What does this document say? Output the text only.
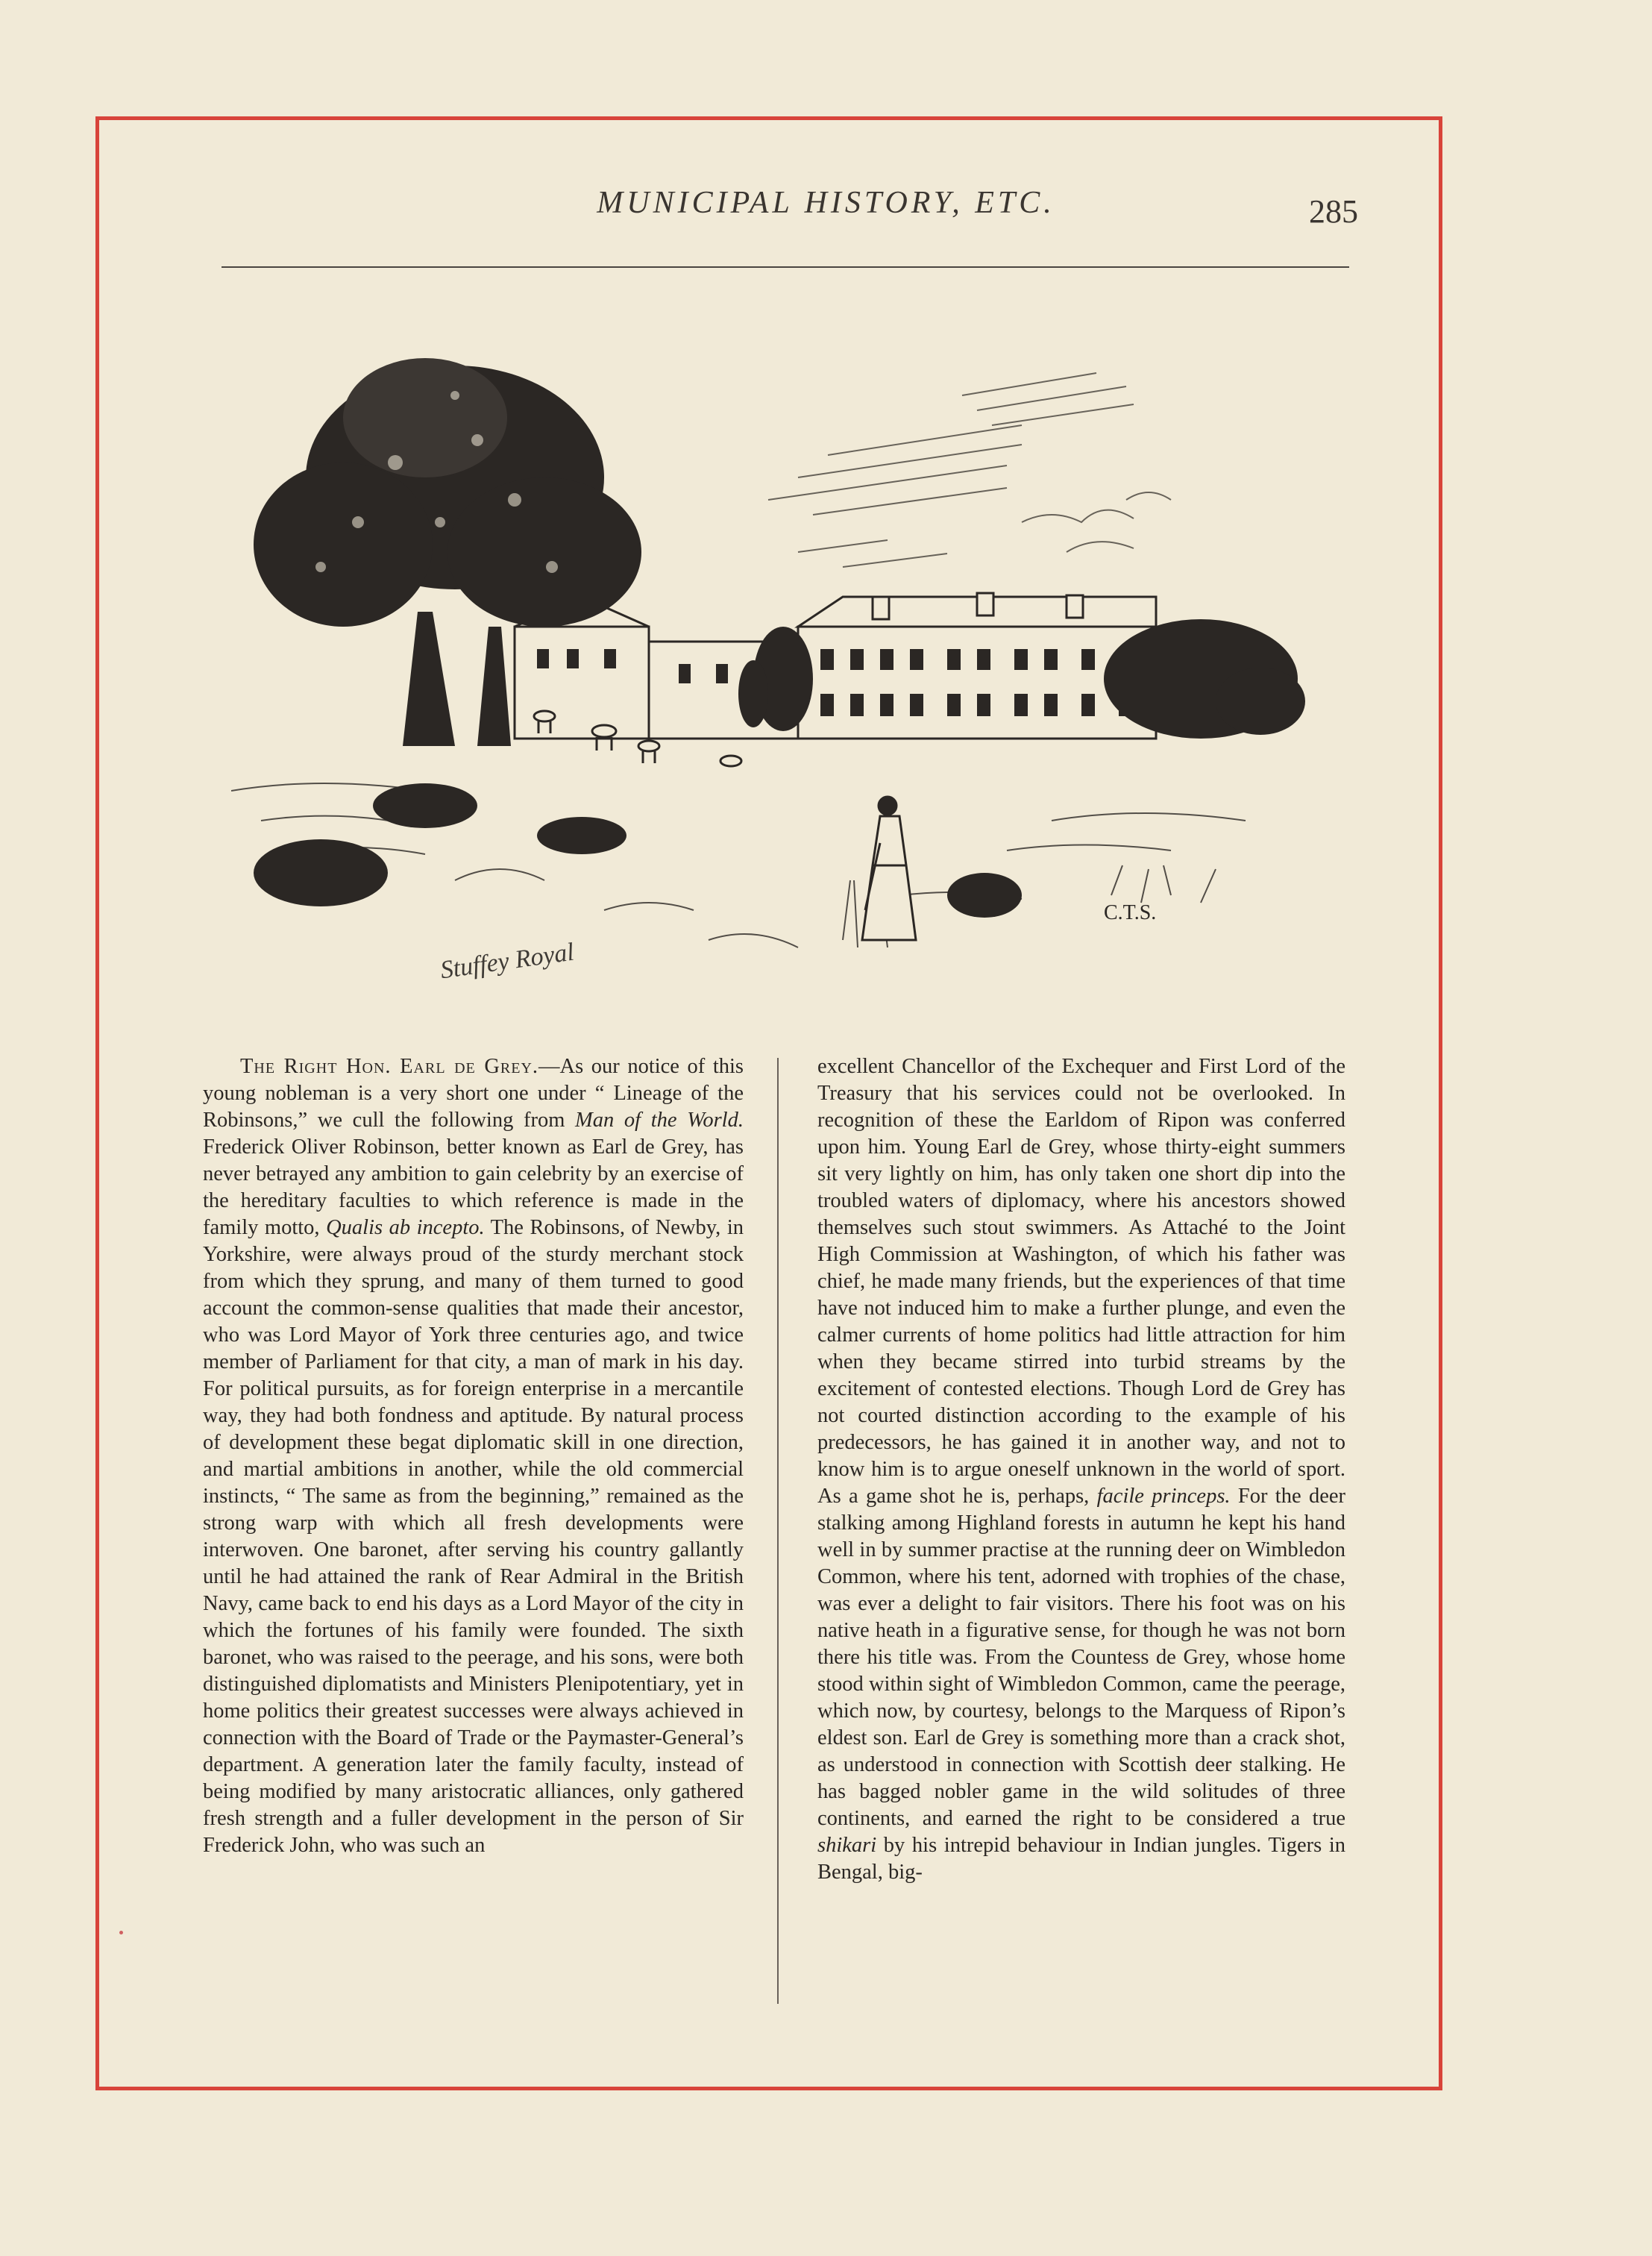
MUNICIPAL HISTORY, ETC.	285
Stuffey Royal
C.T.S.

The Right Hon. Earl de Grey.—As our notice of this young nobleman is a very short one under “ Lineage of the Robinsons,” we cull the following from Man of the World. Frederick Oliver Robinson, better known as Earl de Grey, has never betrayed any ambition to gain celebrity by an exercise of the hereditary faculties to which reference is made in the family motto, Qualis ab incepto. The Robinsons, of Newby, in Yorkshire, were always proud of the sturdy merchant stock from which they sprung, and many of them turned to good account the common-sense qualities that made their ancestor, who was Lord Mayor of York three centuries ago, and twice member of Parliament for that city, a man of mark in his day. For political pursuits, as for foreign enterprise in a mercantile way, they had both fondness and aptitude. By natural process of development these begat diplomatic skill in one direction, and martial ambitions in another, while the old commercial instincts, “ The same as from the beginning,” remained as the strong warp with which all fresh developments were interwoven. One baronet, after serving his country gallantly until he had attained the rank of Rear Admiral in the British Navy, came back to end his days as a Lord Mayor of the city in which the fortunes of his family were founded. The sixth baronet, who was raised to the peerage, and his sons, were both distinguished diplomatists and Ministers Plenipotentiary, yet in home politics their greatest successes were always achieved in connection with the Board of Trade or the Paymaster-General’s department. A generation later the family faculty, instead of being modified by many aristocratic alliances, only gathered fresh strength and a fuller development in the person of Sir Frederick John, who was such an

excellent Chancellor of the Exchequer and First Lord of the Treasury that his services could not be overlooked. In recognition of these the Earldom of Ripon was conferred upon him. Young Earl de Grey, whose thirty-eight summers sit very lightly on him, has only taken one short dip into the troubled waters of diplomacy, where his ancestors showed themselves such stout swimmers. As Attaché to the Joint High Commission at Washington, of which his father was chief, he made many friends, but the experiences of that time have not induced him to make a further plunge, and even the calmer currents of home politics had little attraction for him when they became stirred into turbid streams by the excitement of contested elections. Though Lord de Grey has not courted distinction according to the example of his predecessors, he has gained it in another way, and not to know him is to argue oneself unknown in the world of sport. As a game shot he is, perhaps, facile princeps. For the deer stalking among Highland forests in autumn he kept his hand well in by summer practise at the running deer on Wimbledon Common, where his tent, adorned with trophies of the chase, was ever a delight to fair visitors. There his foot was on his native heath in a figurative sense, for though he was not born there his title was. From the Countess de Grey, whose home stood within sight of Wimbledon Common, came the peerage, which now, by courtesy, belongs to the Marquess of Ripon’s eldest son. Earl de Grey is something more than a crack shot, as understood in connection with Scottish deer stalking. He has bagged nobler game in the wild solitudes of three continents, and earned the right to be considered a true shikari by his intrepid behaviour in Indian jungles. Tigers in Bengal, big-
